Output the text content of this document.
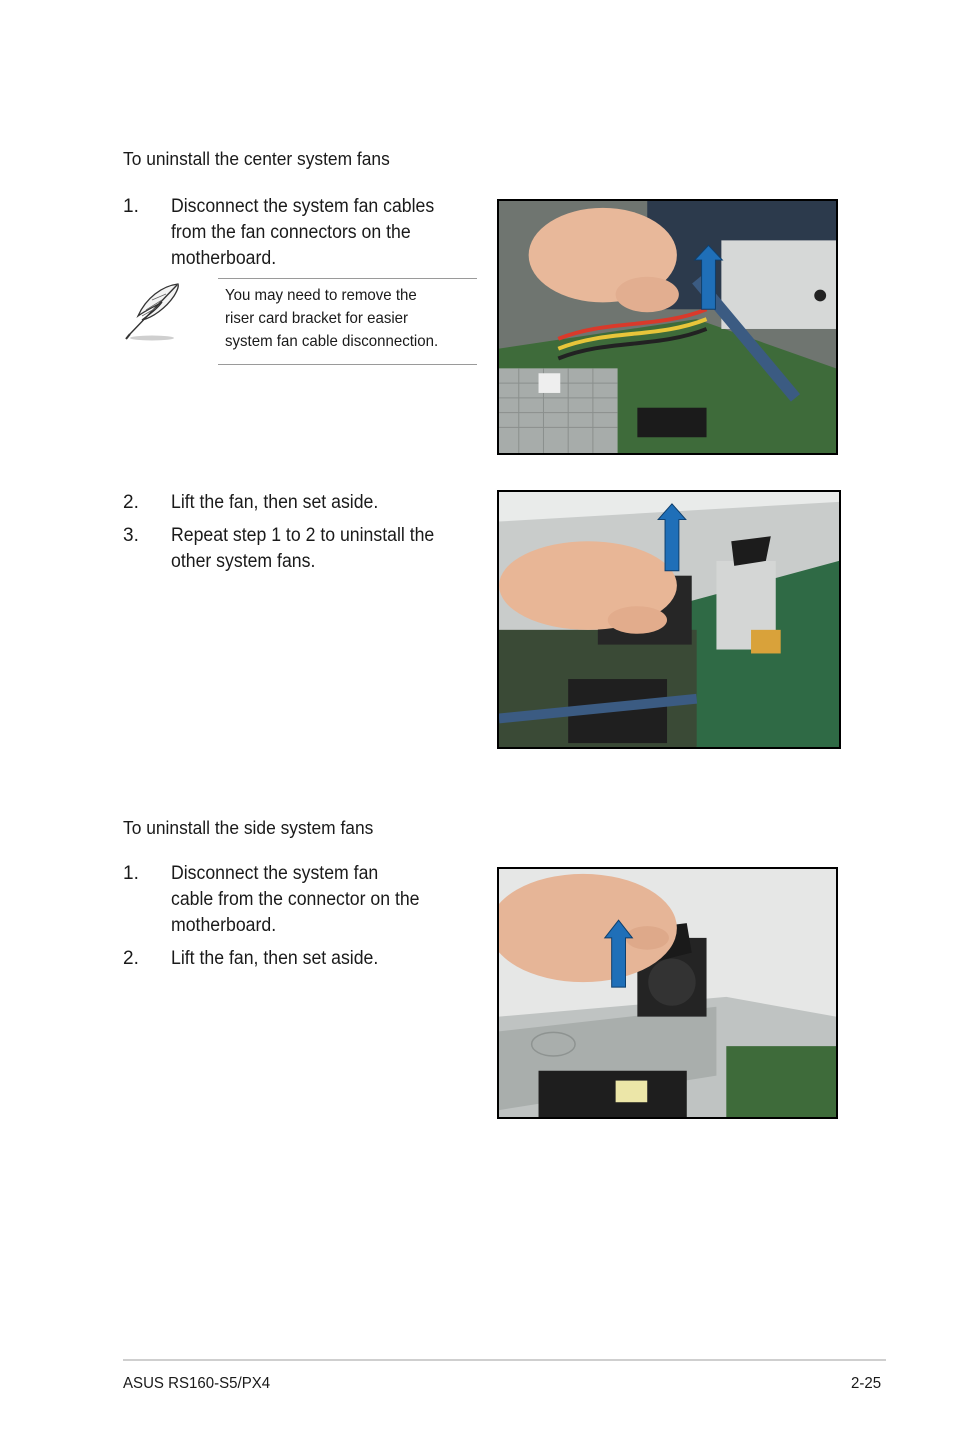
To uninstall the center system fans
1. Disconnect the system fan cables
from the fan connectors on the
motherboard.
You may need to remove the
riser card bracket for easier
system fan cable disconnection.
2. Lift the fan, then set aside.
3. Repeat step 1 to 2 to uninstall the
other system fans.
To uninstall the side system fans
1. Disconnect the system fan
cable from the connector on the
motherboard.
2. Lift the fan, then set aside.
ASUS RS160-S5/PX4	2-25
